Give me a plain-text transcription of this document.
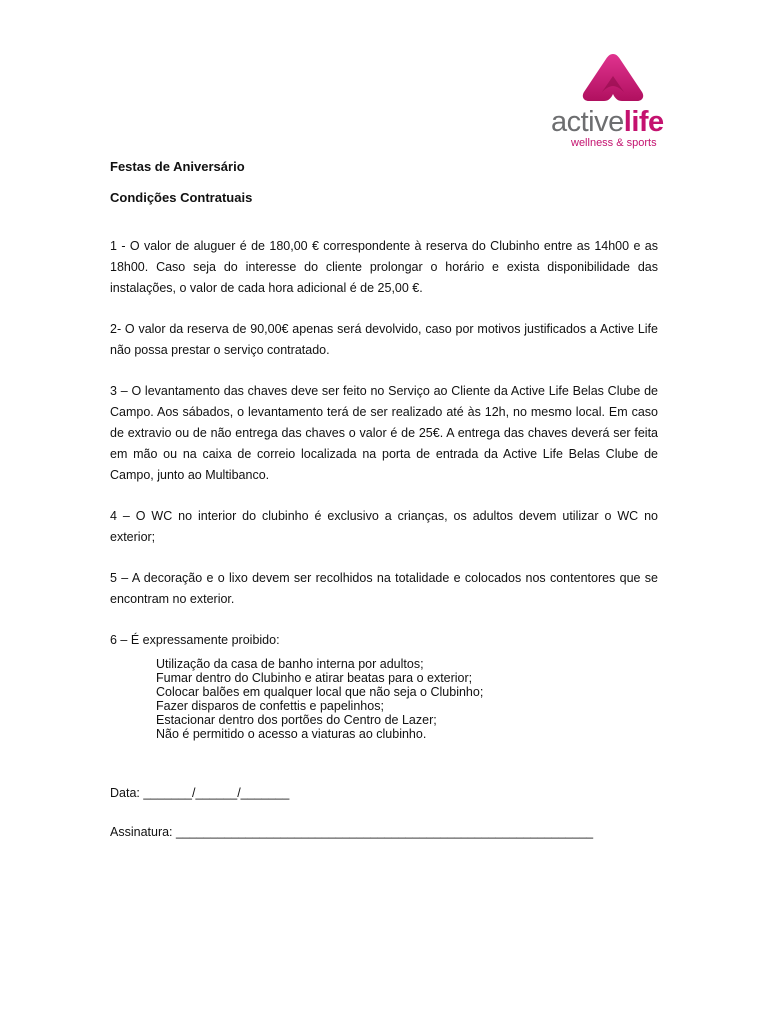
activelife
wellness & sports

Festas de Aniversário

Condições Contratuais

1 - O valor de aluguer é de 180,00 € correspondente à reserva do Clubinho entre as 14h00 e as 18h00. Caso seja do interesse do cliente prolongar o horário e exista disponibilidade das instalações, o valor de cada hora adicional é de 25,00 €.

2- O valor da reserva de 90,00€ apenas será devolvido, caso por motivos justificados a Active Life não possa prestar o serviço contratado.

3 – O levantamento das chaves deve ser feito no Serviço ao Cliente da Active Life Belas Clube de Campo. Aos sábados, o levantamento terá de ser realizado até às 12h, no mesmo local. Em caso de extravio ou de não entrega das chaves o valor é de 25€. A entrega das chaves deverá ser feita em mão ou na caixa de correio localizada na porta de entrada da Active Life Belas Clube de Campo, junto ao Multibanco.

4 – O WC no interior do clubinho é exclusivo a crianças, os adultos devem utilizar o WC no exterior;

5 – A decoração e o lixo devem ser recolhidos na totalidade e colocados nos contentores que se encontram no exterior.

6 – É expressamente proibido:

Utilização da casa de banho interna por adultos;
Fumar dentro do Clubinho e atirar beatas para o exterior;
Colocar balões em qualquer local que não seja o Clubinho;
Fazer disparos de confettis e papelinhos;
Estacionar dentro dos portões do Centro de Lazer;
Não é permitido o acesso a viaturas ao clubinho.

Data: _______/______/_______

Assinatura: ____________________________________________________________
